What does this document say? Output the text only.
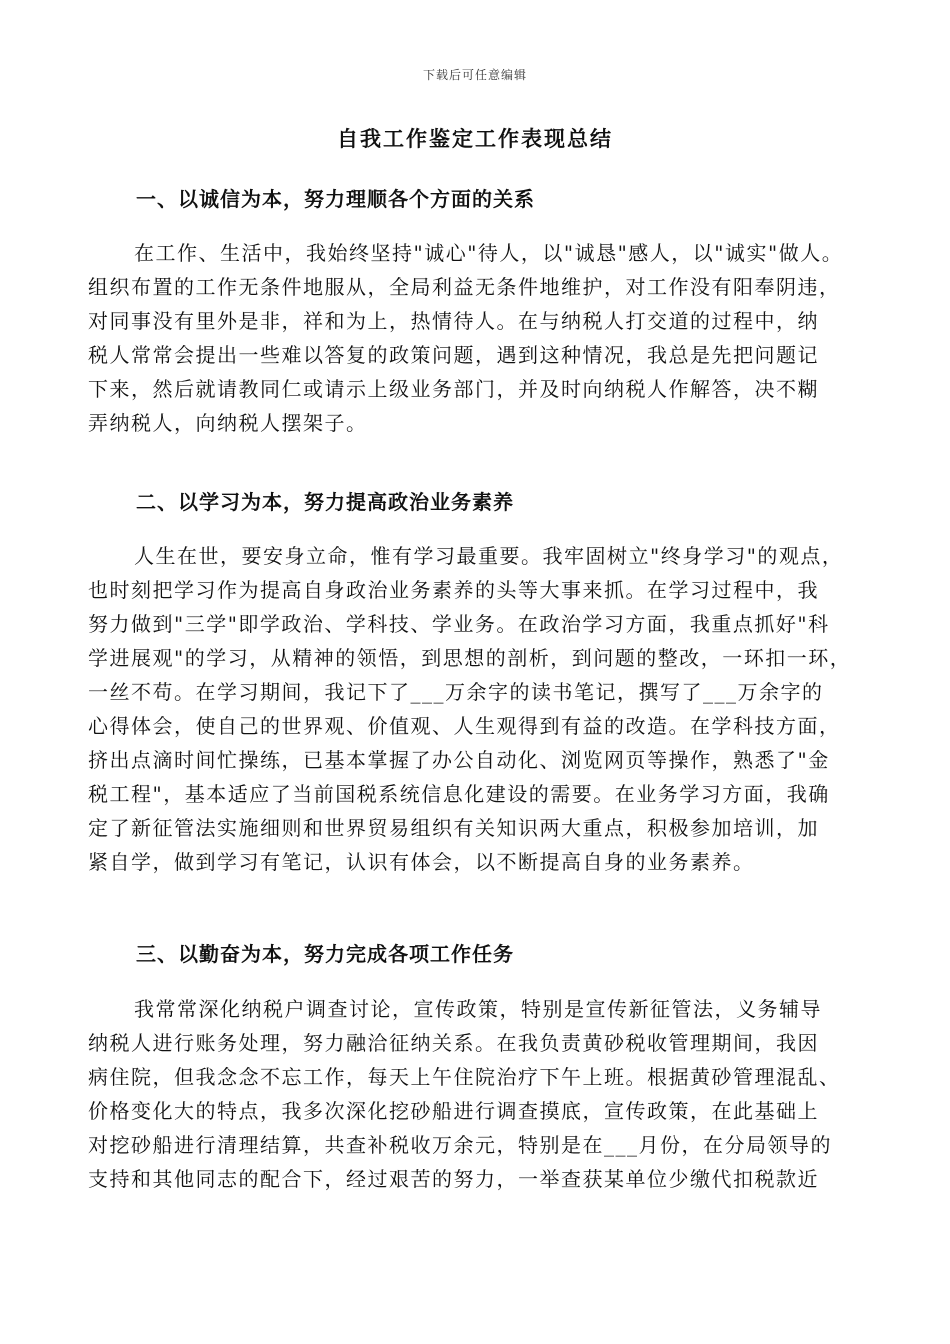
下载后可任意编辑
自我工作鉴定工作表现总结
一、以诚信为本，努力理顺各个方面的关系
在工作、生活中，我始终坚持"诚心"待人，以"诚恳"感人，以"诚实"做人。
组织布置的工作无条件地服从，全局利益无条件地维护，对工作没有阳奉阴违，
对同事没有里外是非，祥和为上，热情待人。在与纳税人打交道的过程中，纳
税人常常会提出一些难以答复的政策问题，遇到这种情况，我总是先把问题记
下来，然后就请教同仁或请示上级业务部门，并及时向纳税人作解答，决不糊
弄纳税人，向纳税人摆架子。
二、以学习为本，努力提高政治业务素养
人生在世，要安身立命，惟有学习最重要。我牢固树立"终身学习"的观点，
也时刻把学习作为提高自身政治业务素养的头等大事来抓。在学习过程中，我
努力做到"三学"即学政治、学科技、学业务。在政治学习方面，我重点抓好"科
学进展观"的学习，从精神的领悟，到思想的剖析，到问题的整改，一环扣一环，
一丝不苟。在学习期间，我记下了___万余字的读书笔记，撰写了___万余字的
心得体会，使自己的世界观、价值观、人生观得到有益的改造。在学科技方面，
挤出点滴时间忙操练，已基本掌握了办公自动化、浏览网页等操作，熟悉了"金
税工程"，基本适应了当前国税系统信息化建设的需要。在业务学习方面，我确
定了新征管法实施细则和世界贸易组织有关知识两大重点，积极参加培训，加
紧自学，做到学习有笔记，认识有体会，以不断提高自身的业务素养。
三、以勤奋为本，努力完成各项工作任务
我常常深化纳税户调查讨论，宣传政策，特别是宣传新征管法，义务辅导
纳税人进行账务处理，努力融洽征纳关系。在我负责黄砂税收管理期间，我因
病住院，但我念念不忘工作，每天上午住院治疗下午上班。根据黄砂管理混乱、
价格变化大的特点，我多次深化挖砂船进行调查摸底，宣传政策，在此基础上
对挖砂船进行清理结算，共查补税收万余元，特别是在___月份，在分局领导的
支持和其他同志的配合下，经过艰苦的努力，一举查获某单位少缴代扣税款近
